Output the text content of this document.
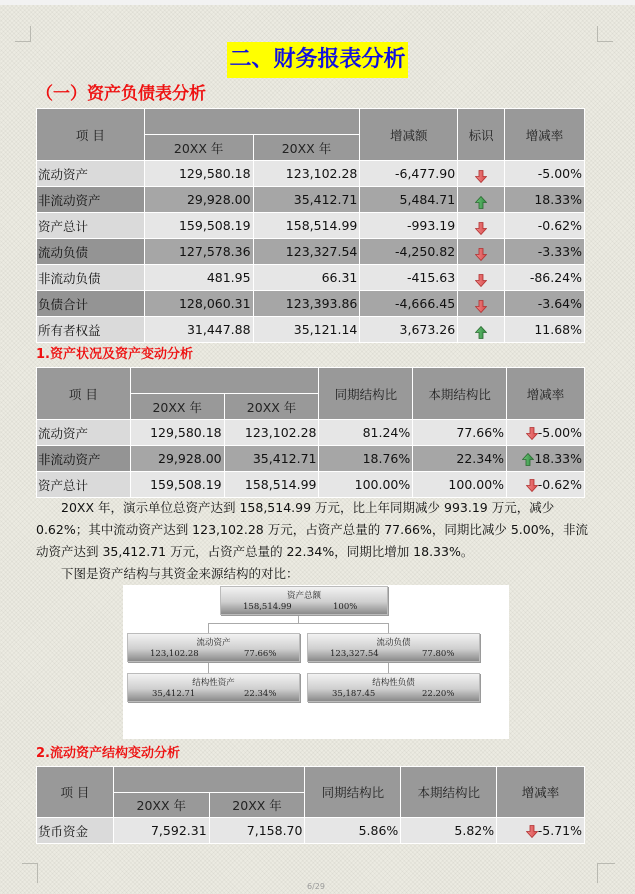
二、财务报表分析
（一）资产负债表分析
项 目			增减额	标识	增减率
	20XX 年	20XX 年			
流动资产	129,580.18	123,102.28	-6,477.90		-5.00%
非流动资产	29,928.00	35,412.71	5,484.71		18.33%
资产总计	159,508.19	158,514.99	-993.19		-0.62%
流动负债	127,578.36	123,327.54	-4,250.82		-3.33%
非流动负债	481.95	66.31	-415.63		-86.24%
负债合计	128,060.31	123,393.86	-4,666.45		-3.64%
所有者权益	31,447.88	35,121.14	3,673.26		11.68%
1.资产状况及资产变动分析
项 目			同期结构比	本期结构比	增减率
	20XX 年	20XX 年			
流动资产	129,580.18	123,102.28	81.24%	77.66%	-5.00%
非流动资产	29,928.00	35,412.71	18.76%	22.34%	18.33%
资产总计	159,508.19	158,514.99	100.00%	100.00%	-0.62%

20XX 年，演示单位总资产达到 158,514.99 万元，比上年同期减少 993.19 万元，减少 0.62%；其中流动资产达到 123,102.28 万元，占资产总量的 77.66%，同期比减少 5.00%，非流动资产达到 35,412.71 万元，占资产总量的 22.34%，同期比增加 18.33%。

下图是资产结构与其资金来源结构的对比：

资产总额
158,514.99	100%
流动资产
123,102.28	77.66%
流动负债
123,327.54	77.80%
结构性资产
35,412.71	22.34%
结构性负债
35,187.45	22.20%
2.流动资产结构变动分析
项 目			同期结构比	本期结构比	增减率
	20XX 年	20XX 年			
货币资金	7,592.31	7,158.70	5.86%	5.82%	-5.71%
6/29
